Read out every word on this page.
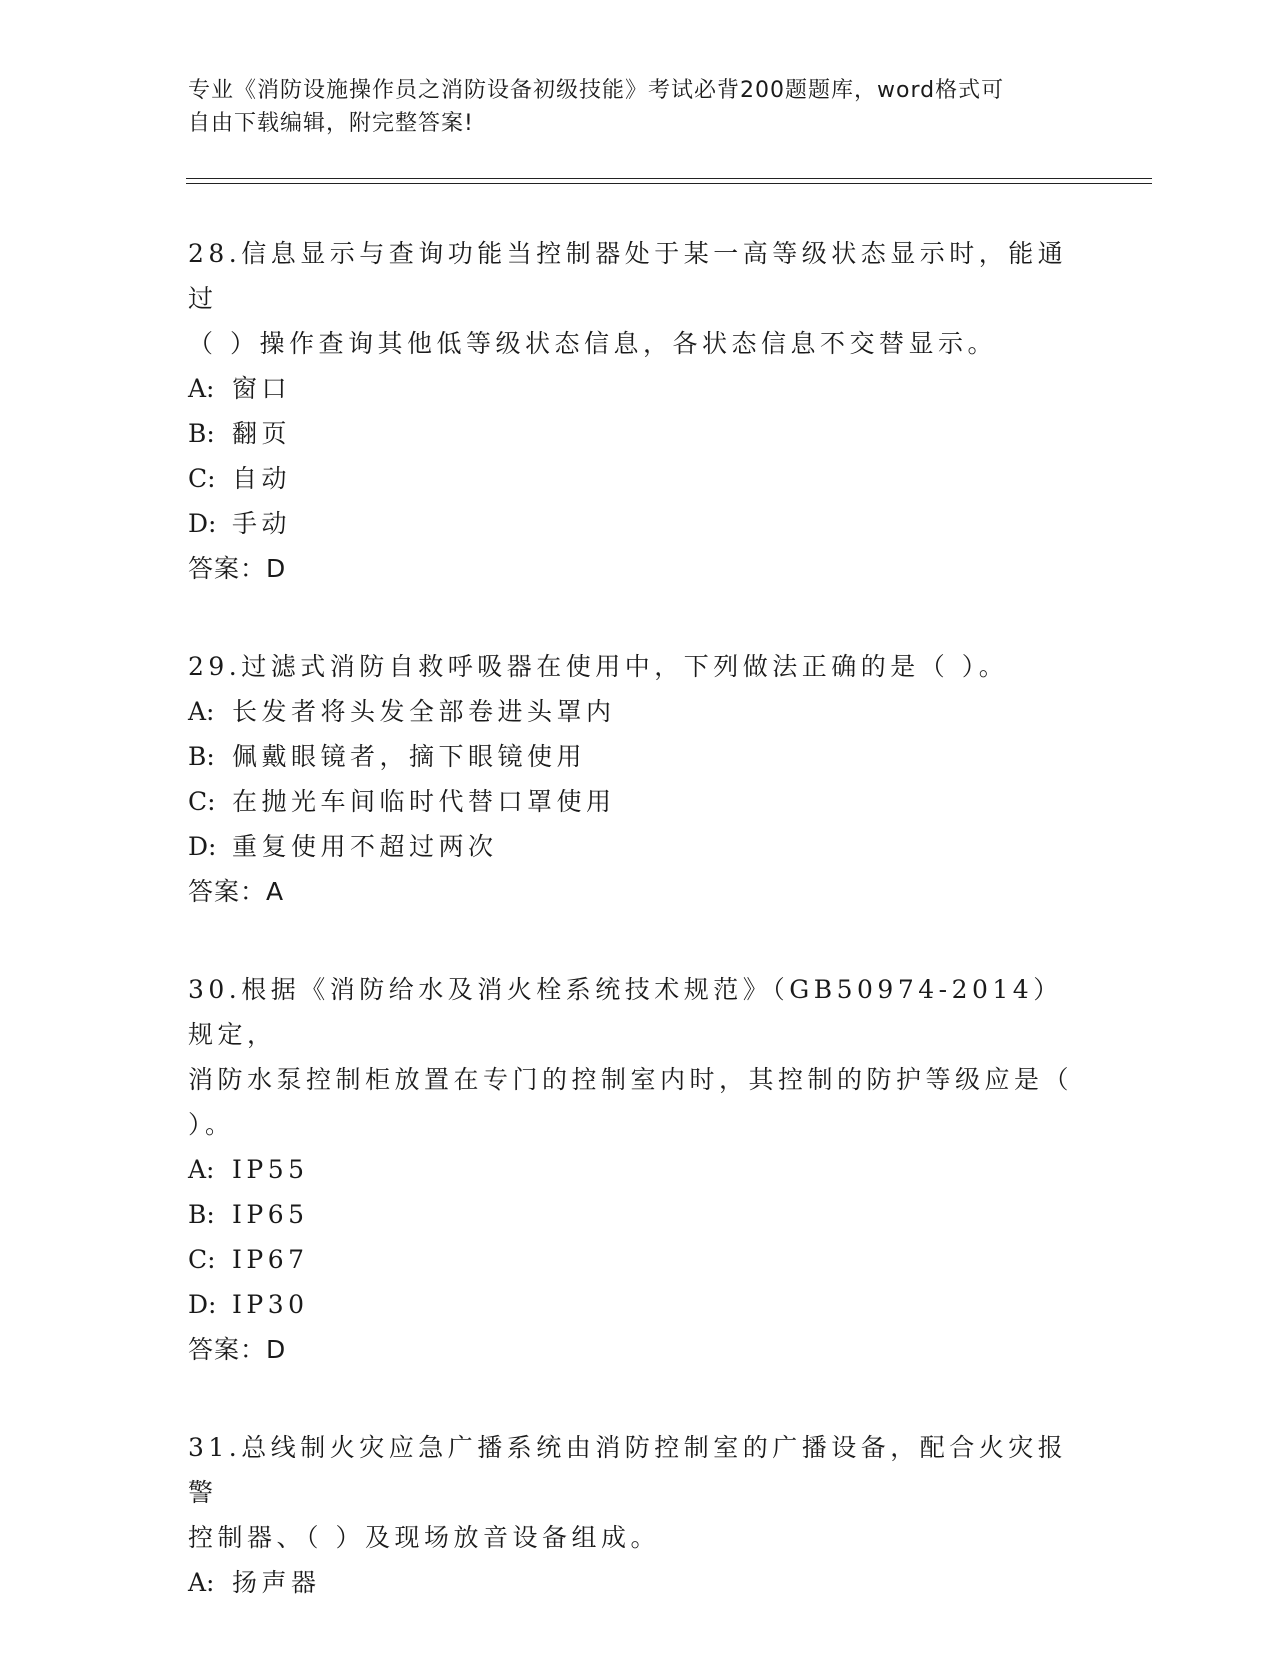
专业《消防设施操作员之消防设备初级技能》考试必背200题题库，word格式可
自由下载编辑，附完整答案!
28.信息显示与查询功能当控制器处于某一高等级状态显示时，能通过
（ ）操作查询其他低等级状态信息，各状态信息不交替显示。
A: 窗口
B: 翻页
C: 自动
D: 手动
答案：D
29.过滤式消防自救呼吸器在使用中，下列做法正确的是（ ）。
A: 长发者将头发全部卷进头罩内
B: 佩戴眼镜者，摘下眼镜使用
C: 在抛光车间临时代替口罩使用
D: 重复使用不超过两次
答案：A
30.根据《消防给水及消火栓系统技术规范》（GB50974-2014）规定，
消防水泵控制柜放置在专门的控制室内时，其控制的防护等级应是（
）。
A: IP55
B: IP65
C: IP67
D: IP30
答案：D
31.总线制火灾应急广播系统由消防控制室的广播设备，配合火灾报警
控制器、（ ）及现场放音设备组成。
A: 扬声器
